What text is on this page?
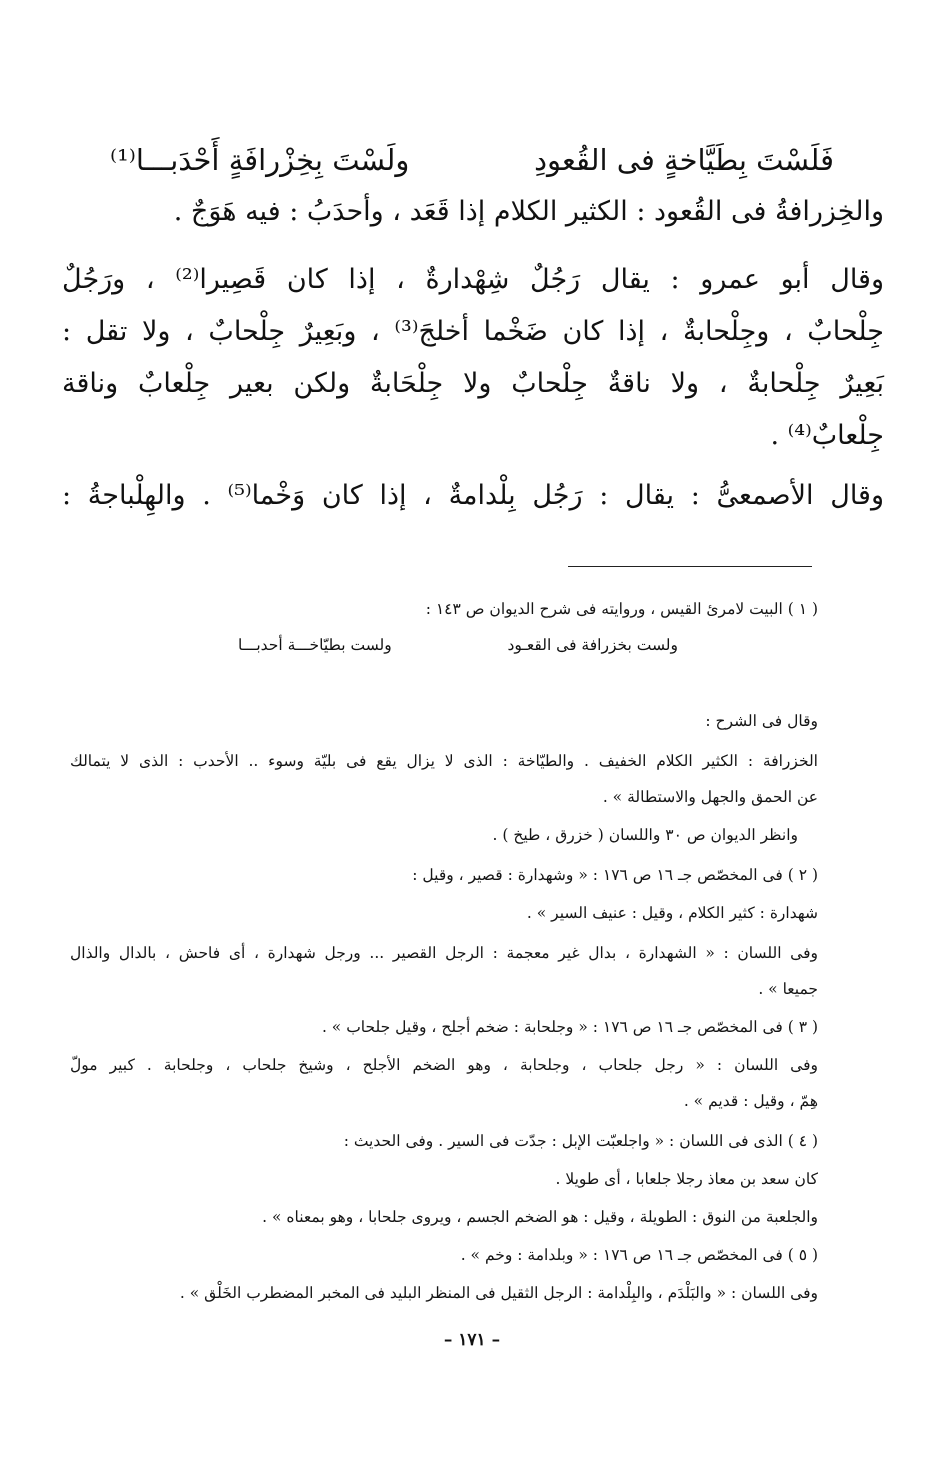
فَلَسْتَ بِطَيَّاخةٍ فى القُعودِ
ولَسْتَ بِخِزْرافَةٍ أَحْدَبـــا⁽¹⁾
والخِزرافةُ فى القُعود : الكثير الكلام إذا قَعَد ، وأحدَبُ : فيه هَوَجٌ .
وقال أبو عمرو : يقال رَجُلٌ شِهْدارةٌ ، إذا كان قَصِيرا⁽²⁾ ، ورَجُلٌ
جِلْحابٌ ، وجِلْحابةٌ ، إذا كان ضَخْما أخلجَ⁽³⁾ ، وبَعِيرٌ جِلْحابٌ ، ولا تقل :
بَعِيرٌ جِلْحابةٌ ، ولا ناقةٌ جِلْحابٌ ولا جِلْحَابةٌ ولكن بعير جِلْعابٌ وناقة
جِلْعابٌ⁽⁴⁾ .
وقال الأصمعىُّ : يقال : رَجُل بِلْدامةٌ ، إذا كان وَخْما⁽⁵⁾ . والهِلْباجةُ :
( ١ ) البيت لامرئ القيس ، وروايته فى شرح الديوان ص ١٤٣ :
ولست بخزرافة فى القعـود
ولست بطيّاخـــة أحدبـــا
وقال فى الشرح :
الخزرافة : الكثير الكلام الخفيف . والطيّاخة : الذى لا يزال يقع فى بليّة وسوء .. الأحدب : الذى لا يتمالك
عن الحمق والجهل والاستطالة » .
وانظر الديوان ص ٣٠ واللسان ( خزرق ، طيخ ) .
( ٢ ) فى المخصّص جـ ١٦ ص ١٧٦ : « وشهدارة : قصير ، وقيل :
شهدارة : كثير الكلام ، وقيل : عنيف السير » .
وفى اللسان : « الشهدارة ، بدال غير معجمة : الرجل القصير ... ورجل شهدارة ، أى فاحش ، بالدال والذال
جميعا » .
( ٣ ) فى المخصّص جـ ١٦ ص ١٧٦ : « وجلحابة : ضخم أجلح ، وقيل جلحاب » .
وفى اللسان : « رجل جلحاب ، وجلحابة ، وهو الضخم الأجلح ، وشيخ جلحاب ، وجلحابة . كبير مولّ
هِمّ ، وقيل : قديم » .
( ٤ ) الذى فى اللسان : « واجلعبّت الإبل : جدّت فى السير . وفى الحديث :
كان سعد بن معاذ رجلا جلعابا ، أى طويلا .
والجلعبة من النوق : الطويلة ، وقيل : هو الضخم الجسم ، ويروى جلحابا ، وهو بمعناه » .
( ٥ ) فى المخصّص جـ ١٦ ص ١٧٦ : « وبلدامة : وخم » .
وفى اللسان : « والبَلْدَم ، والبِلْدامة : الرجل الثقيل فى المنظر البليد فى المخبر المضطرب الخَلْق » .
– ١٧١ –
